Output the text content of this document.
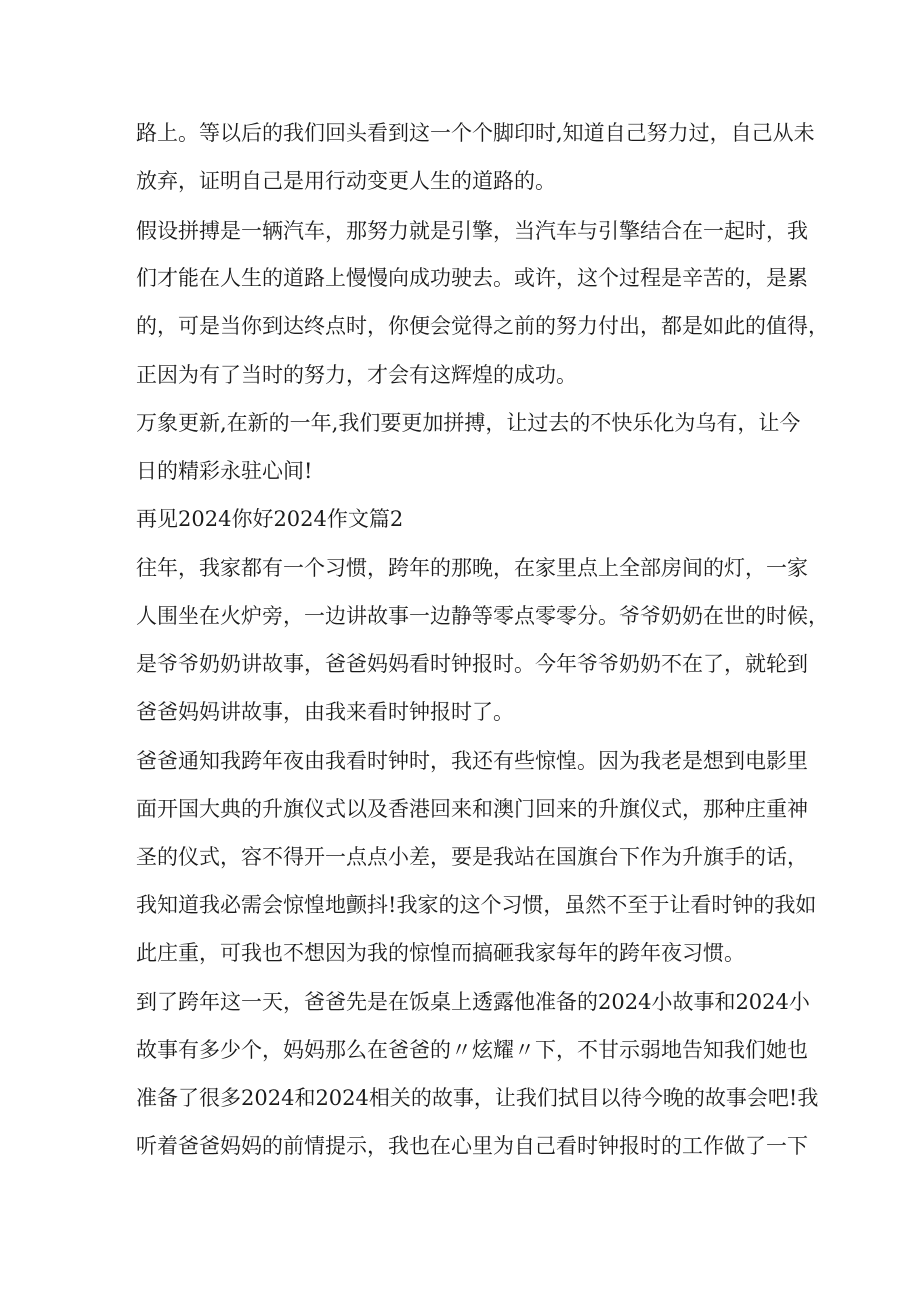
路上。等以后的我们回头看到这一个个脚印时,知道自己努力过，自己从未

放弃，证明自己是用行动变更人生的道路的。

假设拼搏是一辆汽车，那努力就是引擎，当汽车与引擎结合在一起时，我

们才能在人生的道路上慢慢向成功驶去。或许，这个过程是辛苦的，是累

的，可是当你到达终点时，你便会觉得之前的努力付出，都是如此的值得，

正因为有了当时的努力，才会有这辉煌的成功。

万象更新,在新的一年,我们要更加拼搏，让过去的不快乐化为乌有，让今

日的精彩永驻心间!

再见2024你好2024作文篇2

往年，我家都有一个习惯，跨年的那晚，在家里点上全部房间的灯，一家

人围坐在火炉旁，一边讲故事一边静等零点零零分。爷爷奶奶在世的时候，

是爷爷奶奶讲故事，爸爸妈妈看时钟报时。今年爷爷奶奶不在了，就轮到

爸爸妈妈讲故事，由我来看时钟报时了。

爸爸通知我跨年夜由我看时钟时，我还有些惊惶。因为我老是想到电影里

面开国大典的升旗仪式以及香港回来和澳门回来的升旗仪式，那种庄重神

圣的仪式，容不得开一点点小差，要是我站在国旗台下作为升旗手的话，

我知道我必需会惊惶地颤抖!我家的这个习惯，虽然不至于让看时钟的我如

此庄重，可我也不想因为我的惊惶而搞砸我家每年的跨年夜习惯。

到了跨年这一天，爸爸先是在饭桌上透露他准备的2024小故事和2024小

故事有多少个，妈妈那么在爸爸的〃炫耀〃下，不甘示弱地告知我们她也

准备了很多2024和2024相关的故事，让我们拭目以待今晚的故事会吧!我

听着爸爸妈妈的前情提示，我也在心里为自己看时钟报时的工作做了一下
